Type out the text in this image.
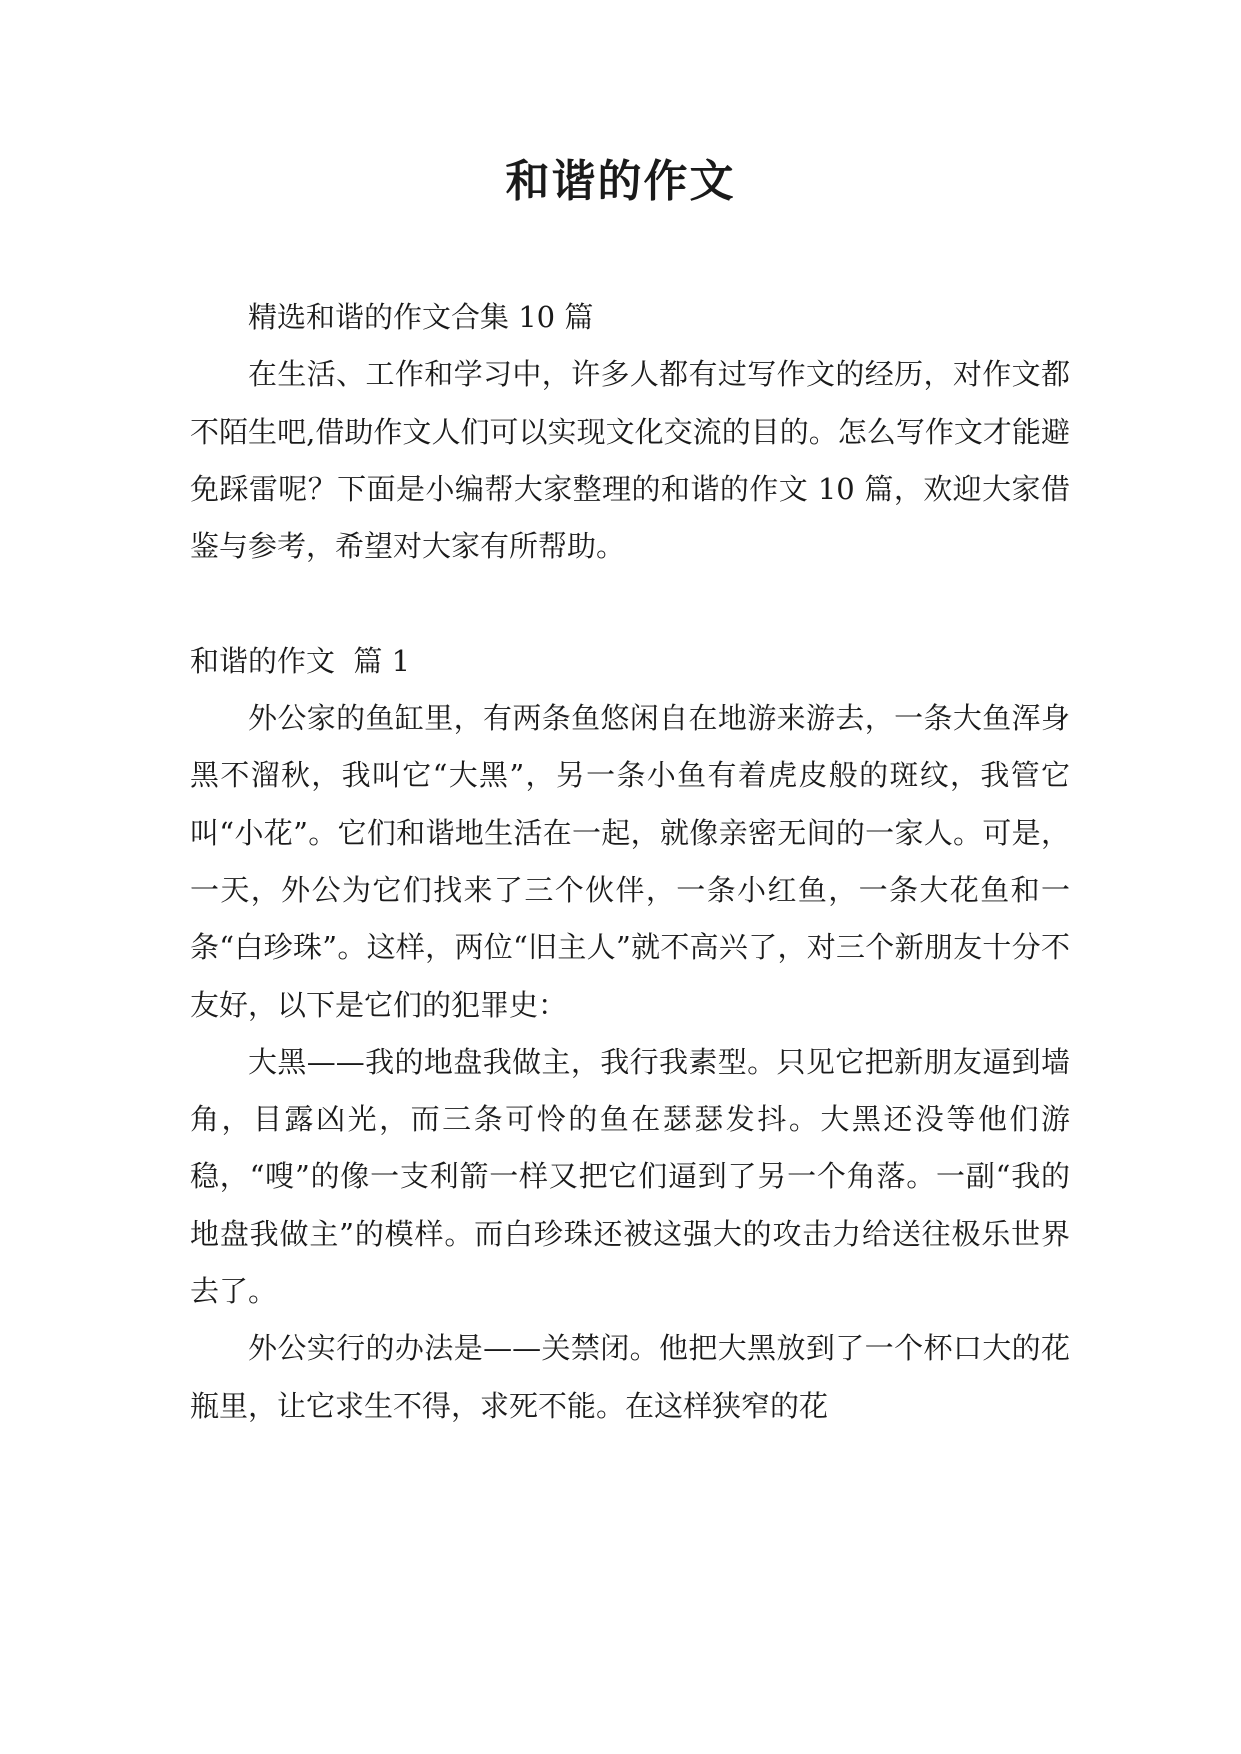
和谐的作文

精选和谐的作文合集 10 篇

在生活、工作和学习中，许多人都有过写作文的经历，对作文都不陌生吧,借助作文人们可以实现文化交流的目的。怎么写作文才能避免踩雷呢？下面是小编帮大家整理的和谐的作文 10 篇，欢迎大家借鉴与参考，希望对大家有所帮助。

和谐的作文  篇 1

外公家的鱼缸里，有两条鱼悠闲自在地游来游去，一条大鱼浑身黑不溜秋，我叫它“大黑”，另一条小鱼有着虎皮般的斑纹，我管它叫“小花”。它们和谐地生活在一起，就像亲密无间的一家人。可是，一天，外公为它们找来了三个伙伴，一条小红鱼，一条大花鱼和一条“白珍珠”。这样，两位“旧主人”就不高兴了，对三个新朋友十分不友好，以下是它们的犯罪史：

大黑——我的地盘我做主，我行我素型。只见它把新朋友逼到墙角，目露凶光，而三条可怜的鱼在瑟瑟发抖。大黑还没等他们游稳，“嗖”的像一支利箭一样又把它们逼到了另一个角落。一副“我的地盘我做主”的模样。而白珍珠还被这强大的攻击力给送往极乐世界去了。

外公实行的办法是——关禁闭。他把大黑放到了一个杯口大的花瓶里，让它求生不得，求死不能。在这样狭窄的花
